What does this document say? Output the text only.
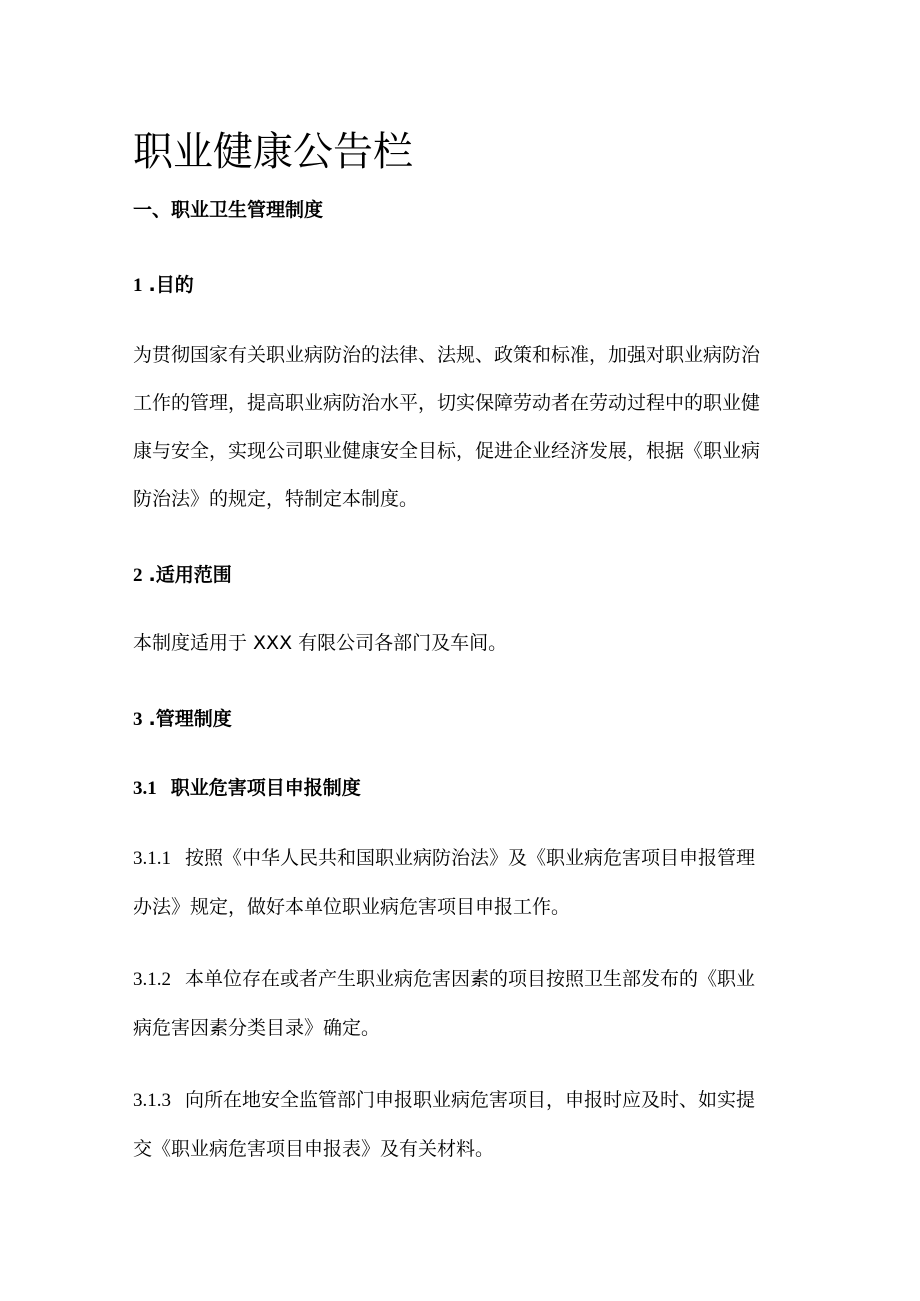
职业健康公告栏
一、职业卫生管理制度
1 .目的
为贯彻国家有关职业病防治的法律、法规、政策和标准，加强对职业病防治
工作的管理，提高职业病防治水平，切实保障劳动者在劳动过程中的职业健
康与安全，实现公司职业健康安全目标，促进企业经济发展，根据《职业病
防治法》的规定，特制定本制度。
2 .适用范围
本制度适用于 XXX 有限公司各部门及车间。
3 .管理制度
3.1 职业危害项目申报制度
3.1.1 按照《中华人民共和国职业病防治法》及《职业病危害项目申报管理
办法》规定，做好本单位职业病危害项目申报工作。
3.1.2 本单位存在或者产生职业病危害因素的项目按照卫生部发布的《职业
病危害因素分类目录》确定。
3.1.3 向所在地安全监管部门申报职业病危害项目，申报时应及时、如实提
交《职业病危害项目申报表》及有关材料。
